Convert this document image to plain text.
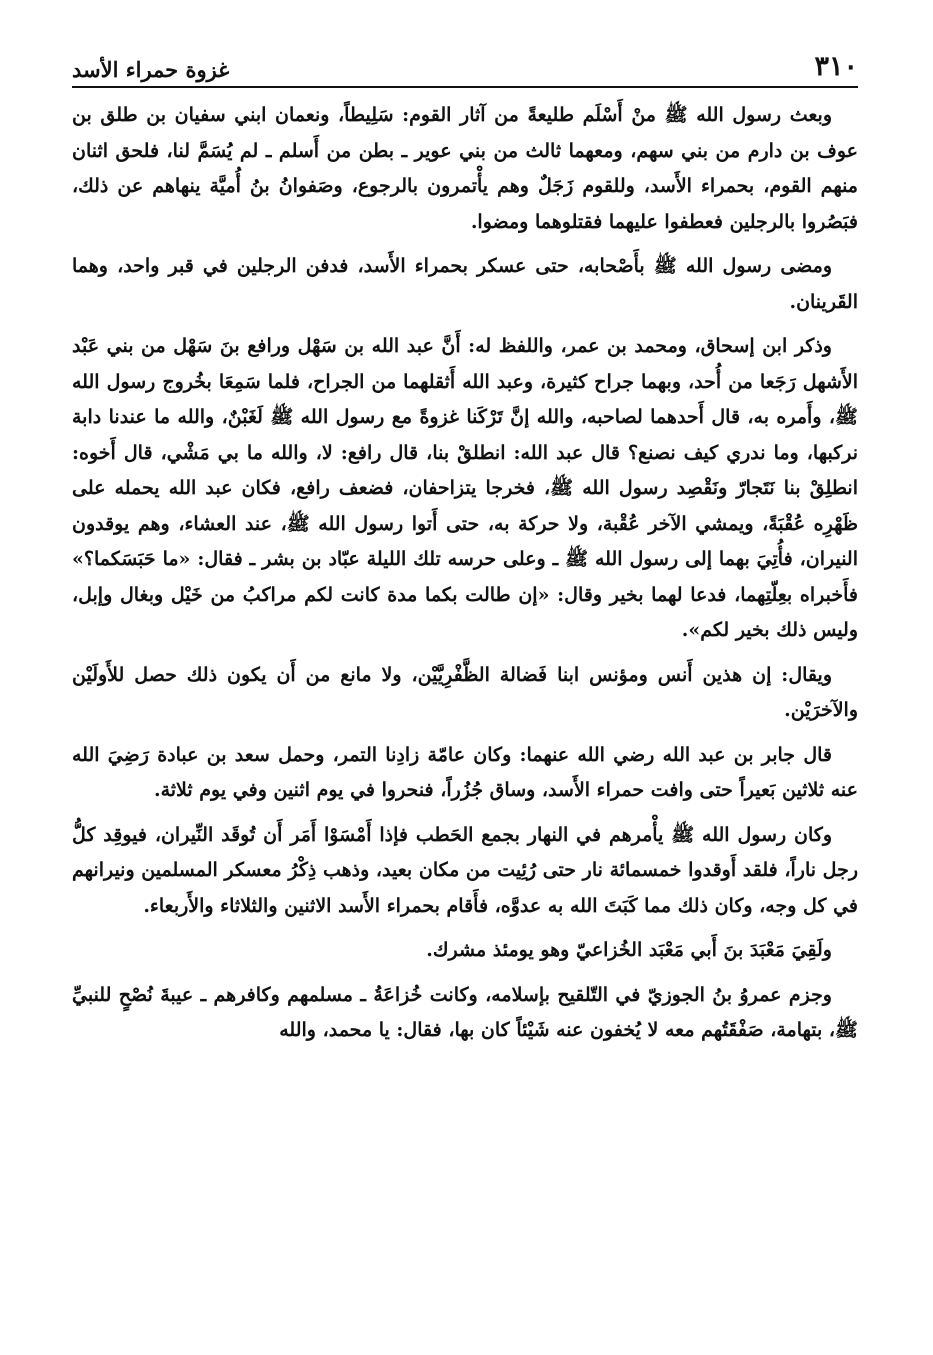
٣١٠
غزوة حمراء الأسد

وبعث رسول الله ﷺ منْ أَسْلَم طليعةً من آثار القوم: سَلِيطاً، ونعمان ابني سفيان بن طلق بن عوف بن دارم من بني سهم، ومعهما ثالث من بني عوير ـ بطن من أَسلم ـ لم يُسَمَّ لنا، فلحق اثنان منهم القوم، بحمراء الأَسد، وللقوم زَجَلٌ وهم يأْتمرون بالرجوع، وصَفوانُ بنُ أُميَّة ينهاهم عن ذلك، فبَصُروا بالرجلين فعطفوا عليهما فقتلوهما ومضوا.

ومضى رسول الله ﷺ بأَصْحابه، حتى عسكر بحمراء الأَسد، فدفن الرجلين في قبر واحد، وهما القَرينان.

وذكر ابن إسحاق، ومحمد بن عمر، واللفظ له: أَنَّ عبد الله بن سَهْل ورافع بنَ سَهْل من بني عَبْد الأَشهل رَجَعا من أُحد، وبهما جراح كثيرة، وعبد الله أَثقلهما من الجراح، فلما سَمِعَا بخُروج رسول الله ﷺ، وأَمره به، قال أَحدهما لصاحبه، والله إنَّ تَرْكَنا غزوةً مع رسول الله ﷺ لَغَبْنٌ، والله ما عندنا دابة نركبها، وما ندري كيف نصنع؟ قال عبد الله: انطلقْ بنا، قال رافع: لا، والله ما بي مَشْي، قال أَخوه: انطلِقْ بنا نَتَجارّ ونَقْصِد رسول الله ﷺ، فخرجا يتزاحفان، فضعف رافع، فكان عبد الله يحمله على ظَهْرِه عُقْبَةً، ويمشي الآخر عُقْبة، ولا حركة به، حتى أَتوا رسول الله ﷺ، عند العشاء، وهم يوقدون النيران، فأُتِيَ بهما إلى رسول الله ﷺ ـ وعلى حرسه تلك الليلة عبّاد بن بشر ـ فقال: «ما حَبَسَكما؟» فأَخبراه بعِلّتِهما، فدعا لهما بخير وقال: «إن طالت بكما مدة كانت لكم مراكبُ من خَيْل وبغال وإبل، وليس ذلك بخير لكم».

ويقال: إن هذين أَنس ومؤنس ابنا فَضالة الظَّفْرِيَّيْن، ولا مانع من أَن يكون ذلك حصل للأَولَيْن والآخرَيْن.

قال جابر بن عبد الله رضي الله عنهما: وكان عامّة زادِنا التمر، وحمل سعد بن عبادة رَضِيَ الله عنه ثلاثين بَعيراً حتى وافت حمراء الأَسد، وساق جُزُراً، فنحروا في يوم اثنين وفي يوم ثلاثة.

وكان رسول الله ﷺ يأْمرهم في النهار بجمع الحَطب فإذا أَمْسَوْا أَمَر أَن تُوقَد النِّيران، فيوقِد كلُّ رجل ناراً، فلقد أَوقدوا خمسمائة نار حتى رُئِيت من مكان بعيد، وذهب ذِكْرُ معسكر المسلمين ونيرانهم في كل وجه، وكان ذلك مما كَبَتَ الله به عدوَّه، فأَقام بحمراء الأَسد الاثنين والثلاثاء والأَربعاء.

ولَقِيَ مَعْبَدَ بنَ أَبي مَعْبَد الخُزاعيّ وهو يومئذ مشرك.

وجزم عمروُ بنُ الجوزيّ في التّلقيح بإسلامه، وكانت خُزاعَةُ ـ مسلمهم وكافرهم ـ عيبةَ نُصْحٍ للنبيِّ ﷺ، بتهامة، صَفْقَتُهم معه لا يُخفون عنه شَيْئاً كان بها، فقال: يا محمد، والله
